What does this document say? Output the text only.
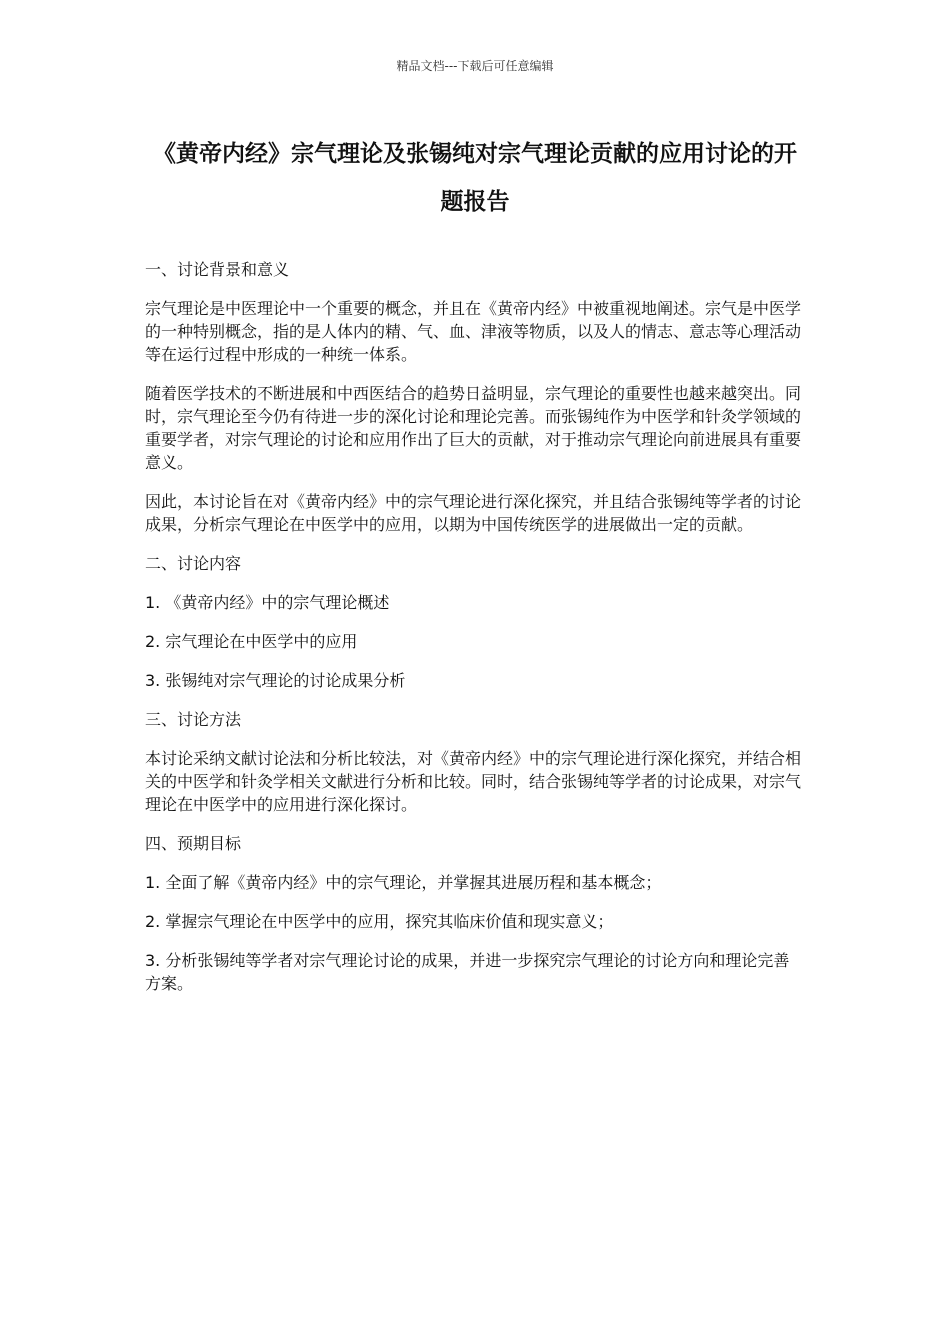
精品文档---下载后可任意编辑
《黄帝内经》宗气理论及张锡纯对宗气理论贡献的应用讨论的开题报告

一、讨论背景和意义

宗气理论是中医理论中一个重要的概念，并且在《黄帝内经》中被重视地阐述。宗气是中医学的一种特别概念，指的是人体内的精、气、血、津液等物质，以及人的情志、意志等心理活动等在运行过程中形成的一种统一体系。

随着医学技术的不断进展和中西医结合的趋势日益明显，宗气理论的重要性也越来越突出。同时，宗气理论至今仍有待进一步的深化讨论和理论完善。而张锡纯作为中医学和针灸学领域的重要学者，对宗气理论的讨论和应用作出了巨大的贡献，对于推动宗气理论向前进展具有重要意义。

因此，本讨论旨在对《黄帝内经》中的宗气理论进行深化探究，并且结合张锡纯等学者的讨论成果，分析宗气理论在中医学中的应用，以期为中国传统医学的进展做出一定的贡献。

二、讨论内容

1. 《黄帝内经》中的宗气理论概述

2. 宗气理论在中医学中的应用

3. 张锡纯对宗气理论的讨论成果分析

三、讨论方法

本讨论采纳文献讨论法和分析比较法，对《黄帝内经》中的宗气理论进行深化探究，并结合相关的中医学和针灸学相关文献进行分析和比较。同时，结合张锡纯等学者的讨论成果，对宗气理论在中医学中的应用进行深化探讨。

四、预期目标

1. 全面了解《黄帝内经》中的宗气理论，并掌握其进展历程和基本概念；

2. 掌握宗气理论在中医学中的应用，探究其临床价值和现实意义；

3. 分析张锡纯等学者对宗气理论讨论的成果，并进一步探究宗气理论的讨论方向和理论完善方案。
